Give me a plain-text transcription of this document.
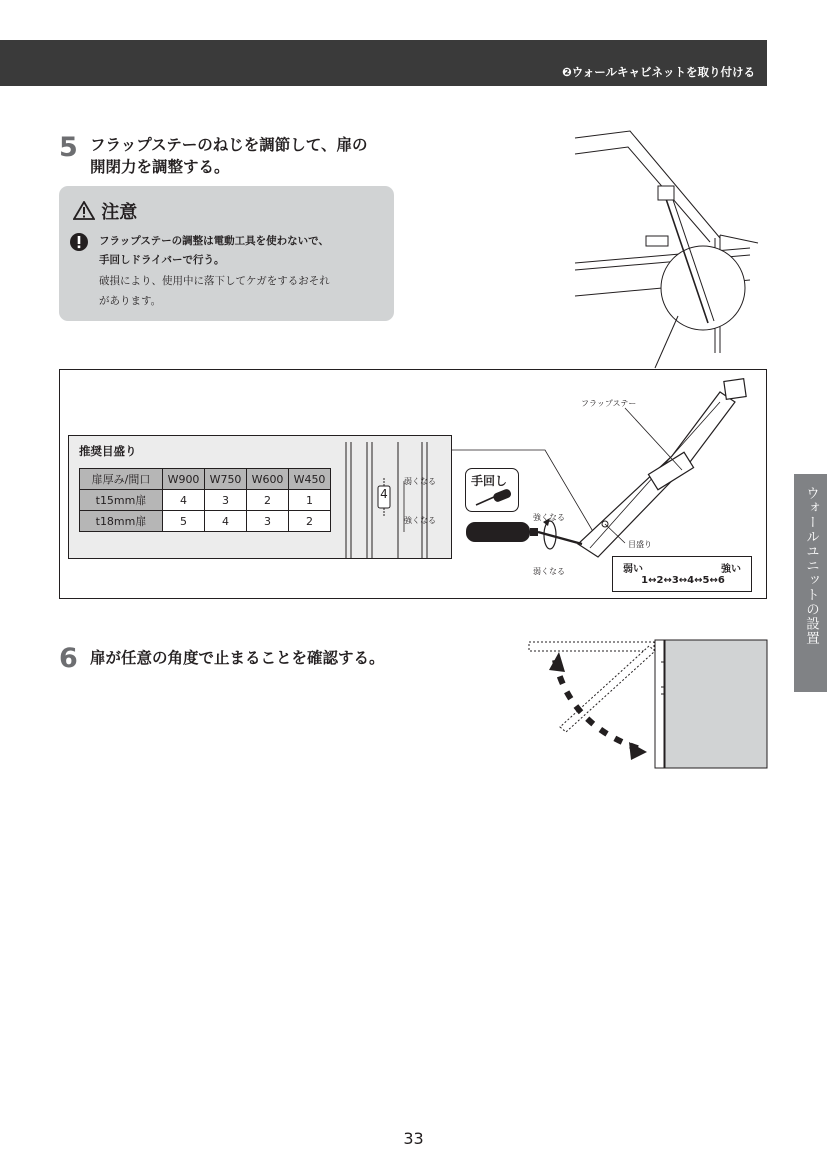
❷ウォールキャビネットを取り付ける
5 フラップステーのねじを調節して、扉の
開閉力を調整する。
注意
フラップステーの調整は電動工具を使わないで、
手回しドライバーで行う。
破損により、使用中に落下してケガをするおそれ
があります。
推奨目盛り
扉厚み/間口	W900	W750	W600	W450
t15mm扉	4	3	2	1
t18mm扉	5	4	3	2
4
弱くなる
強くなる
手回し
フラップステー
強くなる
弱くなる
目盛り
弱い	強い
1↔2↔3↔4↔5↔6
6 扉が任意の角度で止まることを確認する。
ウォールユニットの設置
33
